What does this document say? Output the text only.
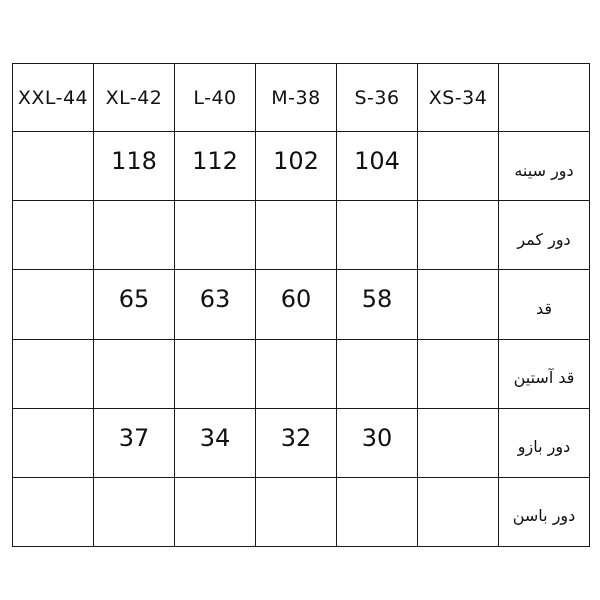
XXL-44	XL-42	L-40	M-38	S-36	XS-34	
	118	112	102	104		دور سینه
						دور کمر
	65	63	60	58		قد
						قد آستین
	37	34	32	30		دور بازو
						دور باسن
